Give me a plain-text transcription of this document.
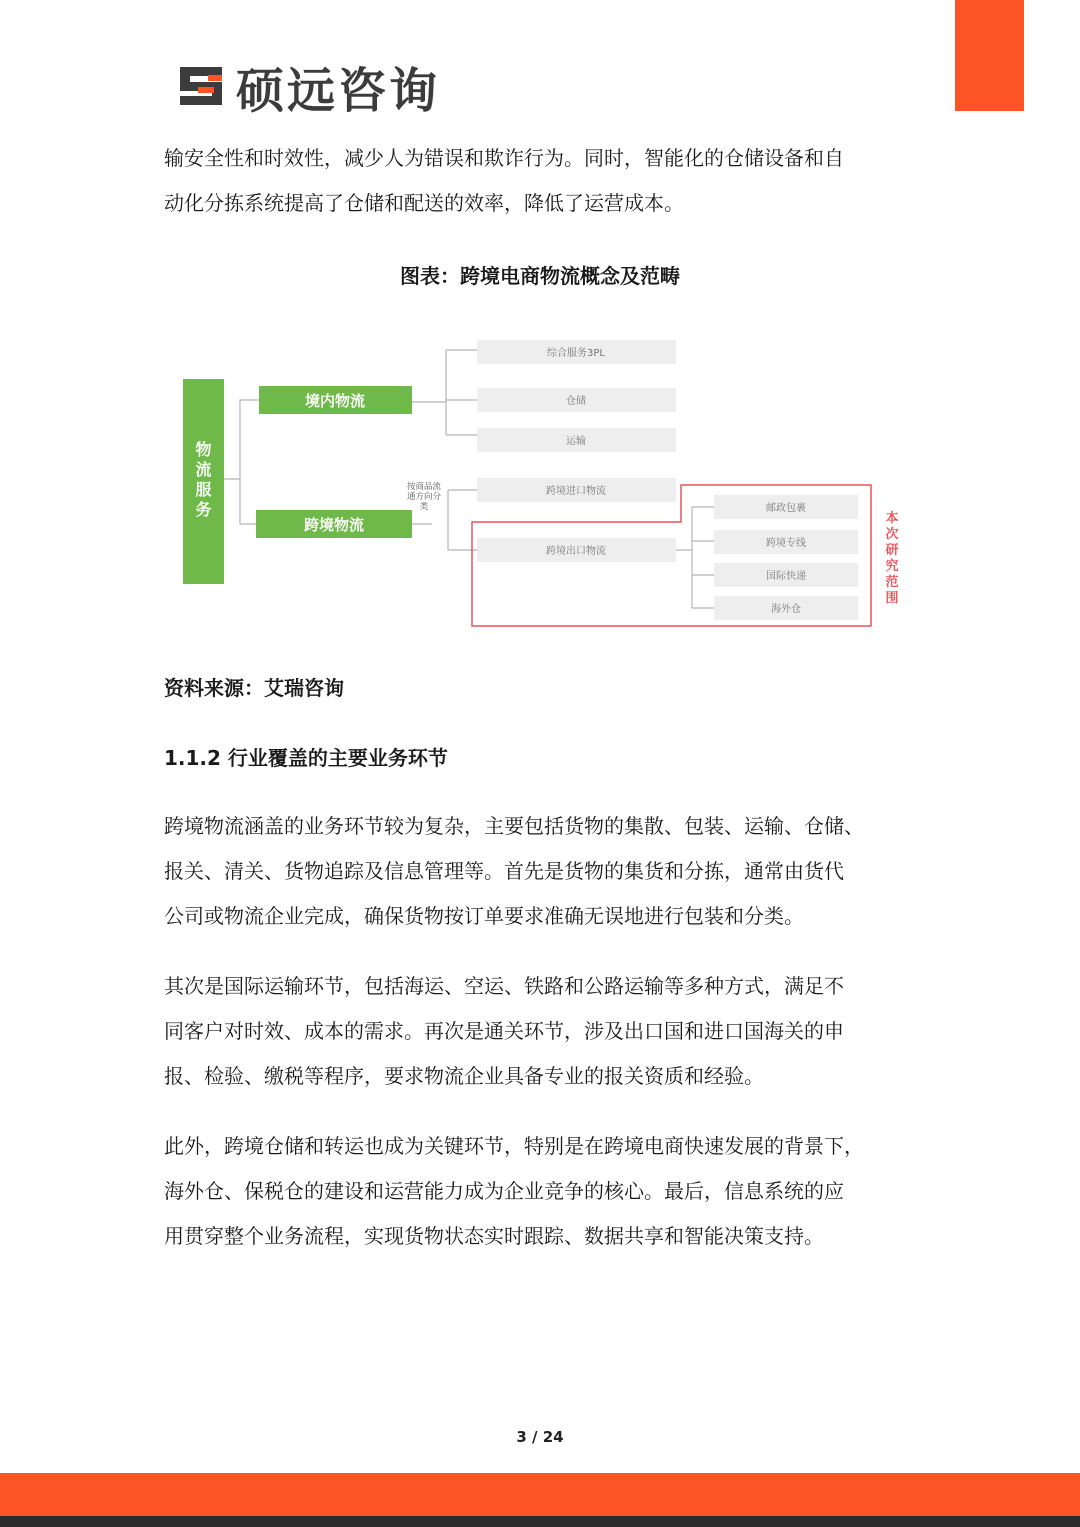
硕远咨询

输安全性和时效性，减少人为错误和欺诈行为。同时，智能化的仓储设备和自
动化分拣系统提高了仓储和配送的效率，降低了运营成本。

图表：跨境电商物流概念及范畴
物流服务
境内物流
跨境物流
按商品流通方向分类
综合服务3PL
仓储
运输
跨境进口物流
跨境出口物流
邮政包裹
跨境专线
国际快递
海外仓
本次研究范围
资料来源：艾瑞咨询
1.1.2 行业覆盖的主要业务环节

跨境物流涵盖的业务环节较为复杂，主要包括货物的集散、包装、运输、仓储、
报关、清关、货物追踪及信息管理等。首先是货物的集货和分拣，通常由货代
公司或物流企业完成，确保货物按订单要求准确无误地进行包装和分类。

其次是国际运输环节，包括海运、空运、铁路和公路运输等多种方式，满足不
同客户对时效、成本的需求。再次是通关环节，涉及出口国和进口国海关的申
报、检验、缴税等程序，要求物流企业具备专业的报关资质和经验。

此外，跨境仓储和转运也成为关键环节，特别是在跨境电商快速发展的背景下，
海外仓、保税仓的建设和运营能力成为企业竞争的核心。最后，信息系统的应
用贯穿整个业务流程，实现货物状态实时跟踪、数据共享和智能决策支持。

3 / 24
